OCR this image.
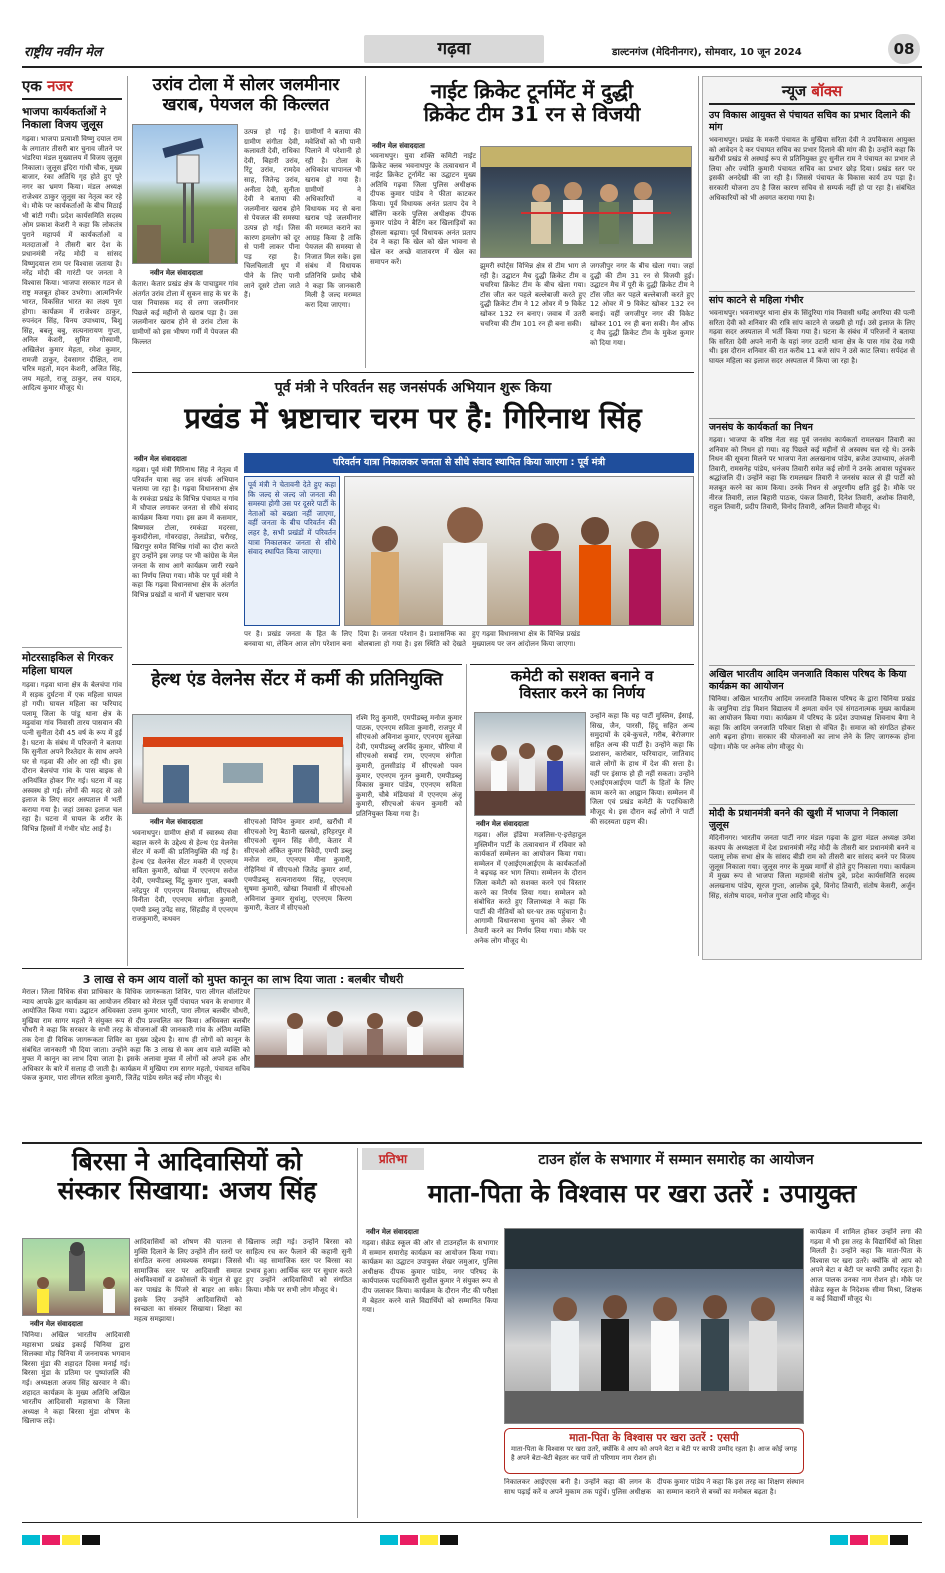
राष्ट्रीय नवीन मेल	गढ़वा	डाल्टनगंज (मेदिनीनगर), सोमवार, 10 जून 2024	08
एक नजर
भाजपा कार्यकर्ताओं ने निकाला विजय जुलूस
गढ़वा। भाजपा प्रत्याशी विष्णु दयाल राम के लगातार तीसरी बार चुनाव जीतने पर भंडरिया मंडल मुख्यालय में विजय जुलूस निकाला। जुलूस इंदिरा गांधी चौक, मुख्य बाजार, रंका अतिथि गृह होते हुए पूरे नगर का भ्रमण किया। मंडल अध्यक्ष राजेश्वर ठाकुर जुलूस का नेतृत्व कर रहे थे। मौके पर कार्यकर्ताओं के बीच मिठाई भी बांटी गयी। प्रदेश कार्यसमिति सदस्य ओम प्रकाश केशरी ने कहा कि लोकतंत्र पुराने महापर्व में कार्यकर्ताओं व मतदाताओं ने तीसरी बार देश के प्रधानमंत्री नरेंद्र मोदी व सांसद विष्णुदयाल राम पर विश्वास जताया है। नरेंद्र मोदी की गारंटी पर जनता ने विश्वास किया। भाजपा सरकार गठन से राष्ट्र मजबूत होकर उभरेगा। आत्मनिर्भर भारत, विकसित भारत का लक्ष्य पूरा होगा। कार्यक्रम में राजेश्वर ठाकुर, रुपनंदन सिंह, विनय उपाध्याय, बिशु सिंह, बबलू बबु, सत्यनारायण गुप्ता, अनिल केशरी, सुमित गोस्वामी, अखिलेश कुमार मेहता, रमेश कुमार, रामजी ठाकुर, देवसागर दीक्षित, राम चरित्र महतो, मदन केशरी, अजित सिंह, जय महतो, राजू ठाकुर, लव यादव, आदित्य कुमार मौजूद थे।
मोटरसाइकिल से गिरकर महिला घायल
गढ़वा। गढ़वा थाना क्षेत्र के बेलचंपा गांव में सड़क दुर्घटना में एक महिला घायल हो गयी। घायल महिला का फरियाद पलामू जिला के पांडू थाना क्षेत्र के मढ़ुवांवा गांव निवासी तारय पासवान की पत्नी सुनीता देवी 45 वर्ष के रूप में हुई है। घटना के संबंध में परिजनों ने बताया कि सुनीता अपने रिश्तेदार के साथ अपने घर से गढ़वा की ओर आ रही थी। इस दौरान बेलचंपा गांव के पास बाइक से अनियंत्रित होकर गिर गई। घटना में वह अस्वस्थ हो गई। लोगों की मदद से उसे इलाज के लिए सदर अस्पताल में भर्ती कराया गया है। जहां उसका इलाज चल रहा है। घटना में घायल के शरीर के विभिन्न हिस्सों में गंभीर चोट आई है।
उरांव टोला में सोलर जलमीनार
खराब, पेयजल की किल्लत
नवीन मेल संवाददाता
केतार। केतार प्रखंड क्षेत्र के पाचाडुमर गांव अंतर्गत उरांव टोला में सुकन साह के घर के पास नियासक मद से लगा जलमीनार पिछले कई महीनों से खराब पड़ा है। उस जलमीनार खराब होने से उरांव टोला के ग्रामीणों को इस भीषण गर्मी में पेयजल की किल्लत
उत्पन्न हो गई है। ग्रामीण संगीता देवी, कलावती देवी, राधिका देवी, बिहारी उरांव, रिंटू उरांव, रामदेव साह, जितेन्द्र उरांव, अनीता देवी, सुनीता देवी ने बताया की जलमीनार खराब होने से पेयजल की समस्या उत्पन्न हो गई। जिस कारण हमलोग को दूर से पानी लाकर पीना पड़ रहा है। चिलचिलाती धूप में पीने के लिए पानी लाने दूसरे टोला जाते हैं।
ग्रामीणों ने बताया की मवेशियों को भी पानी पिलाने में परेशानी हो रही है। टोला के अधिकांश चापानल भी खराब हो गया है। ग्रामीणों ने अधिकारियों व विधायक मद से बना खराब पड़े जलमीनार की मरम्मत कराने का आग्रह किया है ताकि पेयजल की समस्या से निजात मिल सके। इस संबंध में विधायक प्रतिनिधि प्रमोद चौबे ने कहा कि जानकारी मिली है जल्द मरम्मत करा दिया जाएगा।
नाईट क्रिकेट टूर्नामेंट में दुद्धी
क्रिकेट टीम 31 रन से विजयी
नवीन मेल संवाददाता
भवनाथपुर। युवा शक्ति कमिटी नाईट क्रिकेट क्लब भवनाथपुर के तत्वावधान में नाईट क्रिकेट टूर्नामेंट का उद्घाटन मुख्य अतिथि गढ़वा जिला पुलिस अधीक्षक दीपक कुमार पांडेय ने फीता काटकर किया। पूर्व विधायक अनंत प्रताप देव ने बॉलिंग करके पुलिस अधीक्षक दीपक कुमार पांडेय ने बैटिंग कर खिलाड़ियों का हौसला बढ़ाया। पूर्व विधायक अनंत प्रताप देव ने कहा कि खेल को खेल भावना से खेल कर अच्छे वातावरण में खेल का समापन करें।
झुमरी स्पोर्ट्स विभिन्न क्षेत्र से टीम भाग ले रही है। उद्घाटन मैच दुद्धी क्रिकेट टीम व चचरिया क्रिकेट टीम के बीच खेला गया। टॉस जीत कर पहले बल्लेबाजी करते हुए दुद्धी क्रिकेट टीम ने 12 ओवर में 9 विकेट खोकर 132 रन बनाए। जवाब में उतरी चचरिया की टीम 101 रन ही बना सकी।
जगजीपुर नगर के बीच खेला गया। जहां दुद्धी की टीम 31 रन से विजयी हुई। उद्घाटन मैच में पूरी के दुद्धी क्रिकेट टीम ने टॉस जीत कर पहले बल्लेबाजी करते हुए 12 ओवर में 9 विकेट खोकर 132 रन बनाई। वहीं जगजीपुर नगर की विकेट खोकर 101 रन ही बना सकी। मैन ऑफ द मैच दुद्धी क्रिकेट टीम के मुकेश कुमार को दिया गया।
न्यूज बॉक्स
उप विकास आयुक्त से पंचायत सचिव का प्रभार दिलाने की मांग
भवनाथपुर। प्रखंड के मकरी पंचायत के मुखिया सरिता देवी ने उपविकास आयुक्त को आवेदन दे कर पंचायत सचिव का प्रभार दिलाने की मांग की है। उन्होंने कहा कि खरौंधी प्रखंड से अस्थाई रूप से प्रतिनियुक्त हुए सुनील राम ने पंचायत का प्रभार ले लिया और ज्योति कुमारी पंचायत सचिव का प्रभार छोड़ दिया। प्रखंड स्तर पर इसकी अनदेखी की जा रही है। जिससे पंचायत के विकास कार्य ठप पड़ा है। सरकारी योजना ठप है जिस कारण सचिव से सम्पर्क नहीं हो पा रहा है। संबंधित अधिकारियों को भी अवगत कराया गया है।
सांप काटने से महिला गंभीर
भवनाथपुर। भवनाथपुर थाना क्षेत्र के सिंदुरिया गांव निवासी धर्मेंद्र अगरिया की पत्नी सरिता देवी को शनिवार की रात्रि सांप काटने से जख्मी हो गई। उसे इलाज के लिए गढ़वा सदर अस्पताल में भर्ती किया गया है। घटना के संबंध में परिजनों ने बताया कि सरिता देवी अपने नानी के यहां नगर उटारी थाना क्षेत्र के पास गांव देख गयी थी। इस दौरान शनिवार की रात करीब 11 बजे सांप ने उसे काट लिया। सर्पदंश से घायल महिला का इलाज सदर अस्पताल में किया जा रहा है।
जनसंघ के कार्यकर्ता का निधन
गढ़वा। भाजपा के वरिष्ठ नेता सह पूर्व जनसंघ कार्यकर्ता रामलखन तिवारी का शनिवार को निधन हो गया। वह पिछले कई महीनों से अस्वस्थ चल रहे थे। उनके निधन की सूचना मिलने पर भाजपा नेता अलखनाथ पांडेय, ब्रजेश उपाध्याय, अंजनी तिवारी, रामसनेह पांडेय, धनंजय तिवारी समेत कई लोगों ने उनके आवास पहुंचकर श्रद्धांजलि दी। उन्होंने कहा कि रामलखन तिवारी ने जनसंघ काल से ही पार्टी को मजबूत करने का काम किया। उनके निधन से अपूरणीय क्षति हुई है। मौके पर नीरज तिवारी, लाल बिहारी पाठक, पंकज तिवारी, दिनेश तिवारी, अशोक तिवारी, राहुल तिवारी, प्रदीप तिवारी, विनोद तिवारी, अनिल तिवारी मौजूद थे।
अखिल भारतीय आदिम जनजाति विकास परिषद के किया कार्यक्रम का आयोजन
चिनिया। अखिल भारतीय आदिम जनजाति विकास परिषद के द्वारा चिनिया प्रखंड के जमुनिया टांड़ मिशन विद्यालय में क्षमता वर्धन एवं संगठनात्मक मुख्य कार्यक्रम का आयोजन किया गया। कार्यक्रम में परिषद के प्रदेश उपाध्यक्ष शिवनाथ बैगा ने कहा कि आदिम जनजाति परिवार शिक्षा से वंचित हैं। समाज को संगठित होकर आगे बढ़ना होगा। सरकार की योजनाओं का लाभ लेने के लिए जागरूक होना पड़ेगा। मौके पर अनेक लोग मौजूद थे।
मोदी के प्रधानमंत्री बनने की खुशी में भाजपा ने निकाला जुलूस
मेदिनीनगर। भारतीय जनता पार्टी नगर मंडल गढ़वा के द्वारा मंडल अध्यक्ष उमेश कश्यप के अध्यक्षता में देश प्रधानमंत्री नरेंद्र मोदी के तीसरी बार प्रधानमंत्री बनने व पलामू लोक सभा क्षेत्र के सांसद बीडी राम को तीसरी बार सांसद बनने पर विजय जुलूस निकाला गया। जुलूस नगर के मुख्य मार्गों से होते हुए निकाला गया। कार्यक्रम में मुख्य रूप से भाजपा जिला महामंत्री संतोष दुबे, प्रदेश कार्यसमिति सदस्य अलखनाथ पांडेय, सूरज गुप्ता, आलोक दुबे, विनोद तिवारी, संतोष केसरी, अर्जुन सिंह, संतोष यादव, मनोज गुप्ता आदि मौजूद थे।
पूर्व मंत्री ने परिवर्तन सह जनसंपर्क अभियान शुरू किया
प्रखंड में भ्रष्टाचार चरम पर है: गिरिनाथ सिंह
नवीन मेल संवाददाता
गढ़वा। पूर्व मंत्री गिरिनाथ सिंह ने नेतृत्व में परिवर्तन यात्रा सह जन संपर्क अभियान चलाया जा रहा है। गढ़वा विधानसभा क्षेत्र के रमकंडा प्रखंड के विभिन्न पंचायत व गांव में चौपाल लगाकर जनता से सीधे संवाद कार्यक्रम किया गया। इस क्रम में कसमार, बिष्णवल टोला, रमकंडा मदरसा, कुशदीरोला, गोवरदाहा, तेलडोडा, चरौरह, खिरापुर समेत विभिन्न गांवों का दौरा करते हुए उन्होंने इस जगह पर भी कांग्रेस के मेल जनता के साथ आगे कार्यक्रम जारी रखने का निर्णय लिया गया। मौके पर पूर्व मंत्री ने कहा कि गढ़वा विधानसभा क्षेत्र के अंतर्गत विभिन्न प्रखंडों व थानों में भ्रष्टाचार चरम
परिवर्तन यात्रा निकालकर जनता से सीधे संवाद स्थापित किया जाएगा : पूर्व मंत्री
पूर्व मंत्री ने चेतावनी देते हुए कहा कि जल्द से जल्द जो जनता की समस्या होगी उस पर दूसरे पार्टी के नेताओं को बख्शा नहीं जाएगा, वहीं जनता के बीच परिवर्तन की लहर है, सभी प्रखंडों में परिवर्तन यात्रा निकालकर जनता से सीधे संवाद स्थापित किया जाएगा।
पर है। प्रखंड जनता के हित के लिए बनवाया था, लेकिन आज लोग परेशान बना दिया है। जनता परेशान है। प्रशासनिक का बोलबाला हो गया है। इस स्थिति को देखते हुए गढ़वा विधानसभा क्षेत्र के विभिन्न प्रखंड मुख्यालय पर जन आंदोलन किया जाएगा।
हेल्थ एंड वेलनेस सेंटर में कर्मी की प्रतिनियुक्ति
नवीन मेल संवाददाता
भवनाथपुर। ग्रामीण क्षेत्रों में स्वास्थ्य सेवा बहाल करने के उद्देश्य से हेल्थ एंड वेलनेस सेंटर में कर्मी की प्रतिनियुक्ति की गई है। हेल्थ एंड वेलनेस सेंटर मकरी में एएनएम सविता कुमारी, खोखा में एएनएम सरोज देवी, एमपीडब्लू विंटू कुमार गुप्ता, बक्शी नरेंद्रपुर में एएनएम विशाखा, सीएचओ विनीता देवी, एएनएम संगीता कुमारी, एमपी डब्लू उपेंद्र साह, सिंहडीह में एएनएम राजकुमारी, कथवन
सीएचओ विपिन कुमार शर्मा, खरौंधी में सीएचओ रेणु बैठानी खलखो, हरिहरपुर में सीएचओ सुमन सिंह सेंगी, केतार में सीएचओ अंकित कुमार त्रिवेदी, एमपी डब्लू मनोज राम, एएनएम मीना कुमारी, रोहिनियां में सीएचओ जितेंद्र कुमार शर्मा, एमपीडब्लू सत्यनारायण सिंह, एएनएम सुषमा कुमारी, खोखा निवासी में सीएचओ अविनाश कुमार सुधांशु, एएनएम किरण कुमारी, केतार में सीएचओ
रश्मि रितु कुमारी, एमपीडब्लू मनोज कुमार पाठक, एएनएम सविता कुमारी, राजपुर में सीएचओ अविनाश कुमार, एएनएम सुलेखा देवी, एमपीडब्लू अरविंद कुमार, चौरिया में सीएचओ सबाई राम, एएनएम संगीता कुमारी, तुलसीडांड़ में सीएचओ पवन कुमार, एएनएम नूतन कुमारी, एमपीडब्लू विकास कुमार पांडेय, एएनएम सविता कुमारी, चौबे मंडियावां में एएनएम अंजू कुमारी, सीएचओ कंचन कुमारी को प्रतिनियुक्त किया गया है।
कमेटी को सशक्त बनाने व
विस्तार करने का निर्णय
नवीन मेल संवाददाता
गढ़वा। ऑल इंडिया मजलिस-ए-इत्तेहादुल मुस्लिमीन पार्टी के तत्वावधान में रविवार को कार्यकर्ता सम्मेलन का आयोजन किया गया। सम्मेलन में एआईएमआईएम के कार्यकर्ताओं ने बढ़चढ़ कर भाग लिया। सम्मेलन के दौरान जिला कमेटी को सशक्त करने एवं विस्तार करने का निर्णय लिया गया। सम्मेलन को संबोधित करते हुए जिलाध्यक्ष ने कहा कि पार्टी की नीतियों को घर-घर तक पहुंचाना है। आगामी विधानसभा चुनाव को लेकर भी तैयारी करने का निर्णय लिया गया। मौके पर अनेक लोग मौजूद थे।
उन्होंने कहा कि यह पार्टी मुस्लिम, ईसाई, सिख, जैन, पारसी, हिंदू सहित अन्य समुदायों के दबे-कुचले, गरीब, बेरोजगार सहित अन्य की पार्टी है। उन्होंने कहा कि प्रशासन, कारोबार, फरियादार, जातिवाद वाले लोगों के हाथ में देश की सत्ता है। वहीं पर इंसाफ हो ही नहीं सकता। उन्होंने एआईएमआईएम पार्टी के हितों के लिए काम करने का आह्वान किया। सम्मेलन में जिला एवं प्रखंड कमेटी के पदाधिकारी मौजूद थे। इस दौरान कई लोगों ने पार्टी की सदस्यता ग्रहण की।
3 लाख से कम आय वालों को मुफ्त कानून का लाभ दिया जाता : बलबीर चौधरी
मेराल। जिला विधिक सेवा प्राधिकार के विधिक जागरूकता शिविर, पारा लीगल वॉलंटियर न्याय आपके द्वार कार्यक्रम का आयोजन रविवार को मेराल पूर्वी पंचायत भवन के सभागार में आयोजित किया गया। उद्घाटन अधिवक्ता उत्तम कुमार भारती, पारा लीगल बलबीर चौधरी, मुखिया राम सागर महतो ने संयुक्त रूप से दीप प्रज्वलित कर किया। अधिवक्ता बलबीर चौधरी ने कहा कि सरकार के सभी तरह के योजनाओं की जानकारी गांव के अंतिम व्यक्ति तक देना ही विधिक जागरूकता शिविर का मुख्य उद्देश्य है। साथ ही लोगों को कानून के संबंधित जानकारी भी दिया जाता। उन्होंने कहा कि 3 लाख से कम आय वाले व्यक्ति को मुफ्त में कानून का लाभ दिया जाता है। इसके अलावा मुफ्त में लोगों को अपने हक और अधिकार के बारे में सलाह दी जाती है। कार्यक्रम में मुखिया राम सागर महतो, पंचायत सचिव पंकज कुमार, पारा लीगल सरिता कुमारी, जितेंद्र पांडेय समेत कई लोग मौजूद थे।
बिरसा ने आदिवासियों को
संस्कार सिखाया: अजय सिंह
नवीन मेल संवाददाता
चिनिया। अखिल भारतीय आदिवासी महासभा प्रखंड इकाई चिनिया द्वारा सिलक्वा मोड़ चिनिया में जननायक भगवान बिरसा मुंडा की शहादत दिवस मनाई गई। बिरसा मुंडा के प्रतिमा पर पुष्पांजलि की गई। अध्यक्षता अजय सिंह खरवार ने की। शहादत कार्यक्रम के मुख्य अतिथि अखिल भारतीय आदिवासी महासभा के जिला अध्यक्ष ने कहा बिरसा मुंडा शोषण के खिलाफ लड़े।
आदिवासियों को शोषण की यातना से मुक्ति दिलाने के लिए उन्होंने तीन स्तरों पर संगठित करना आवश्यक समझा। जिससे सामाजिक स्तर पर आदिवासी समाज अंधविश्वासों व ढकोसलों के चंगुल से छूट कर पाखंड के पिंजरे से बाहर आ सके। इसके लिए उन्होंने आदिवासियों को स्वच्छता का संस्कार सिखाया। शिक्षा का महत्व समझाया।
खिलाफ लड़ी गई। उन्होंने बिरसा को साहित्य रच कर फैलाने की कहानी सुनी थी। वह सामाजिक स्तर पर बिरसा का प्रभाव हुआ। आर्थिक स्तर पर सुधार करते हुए उन्होंने आदिवासियों को संगठित किया। मौके पर सभी लोग मौजूद थे।
प्रतिभा	टाउन हॉल के सभागार में सम्मान समारोह का आयोजन
माता-पिता के विश्वास पर खरा उतरें : उपायुक्त
नवीन मेल संवाददाता
गढ़वा। सेक्रेड स्कूल की ओर से टाउनहॉल के सभागार में सम्मान समारोह कार्यक्रम का आयोजन किया गया। कार्यक्रम का उद्घाटन उपायुक्त शेखर जमुआर, पुलिस अधीक्षक दीपक कुमार पांडेय, नगर परिषद के कार्यपालक पदाधिकारी सुशील कुमार ने संयुक्त रूप से दीप जलाकर किया। कार्यक्रम के दौरान नीट की परीक्षा में बेहतर करने वाले विद्यार्थियों को सम्मानित किया गया।
माता-पिता के विश्वास पर खरा उतरें : एसपी
माता-पिता के विश्वास पर खरा उतरें, क्योंकि वे आप को अपने बेटा व बेटी पर काफी उम्मीद रहता है। आज कोई जगह है अपने बेटा-बेटी बेहतर कर पायें तो परिणाम नाम रोशन हो।
निकालकर आईएएस बनी है। उन्होंने कहा की लगन के साथ पढ़ाई करें व अपने मुकाम तक पहुंचें। पुलिस अधीक्षक दीपक कुमार पांडेय ने कहा कि इस तरह का शिक्षण संस्थान का सम्मान कराने से बच्चों का मनोबल बढ़ता है।
कार्यक्रम में शामिल होकर उन्होंने लगा की गढ़वा में भी इस तरह के विद्यार्थियों को शिक्षा मिलती है। उन्होंने कहा कि माता-पिता के विश्वास पर खरा उतरें। क्योंकि वो आप को अपने बेटा व बेटी पर काफी उम्मीद रहता है। आज पालक उनका नाम रोशन हो। मौके पर सेक्रेड स्कूल के निदेशक सीमा मिश्रा, शिक्षक व कई विद्यार्थी मौजूद थे।
